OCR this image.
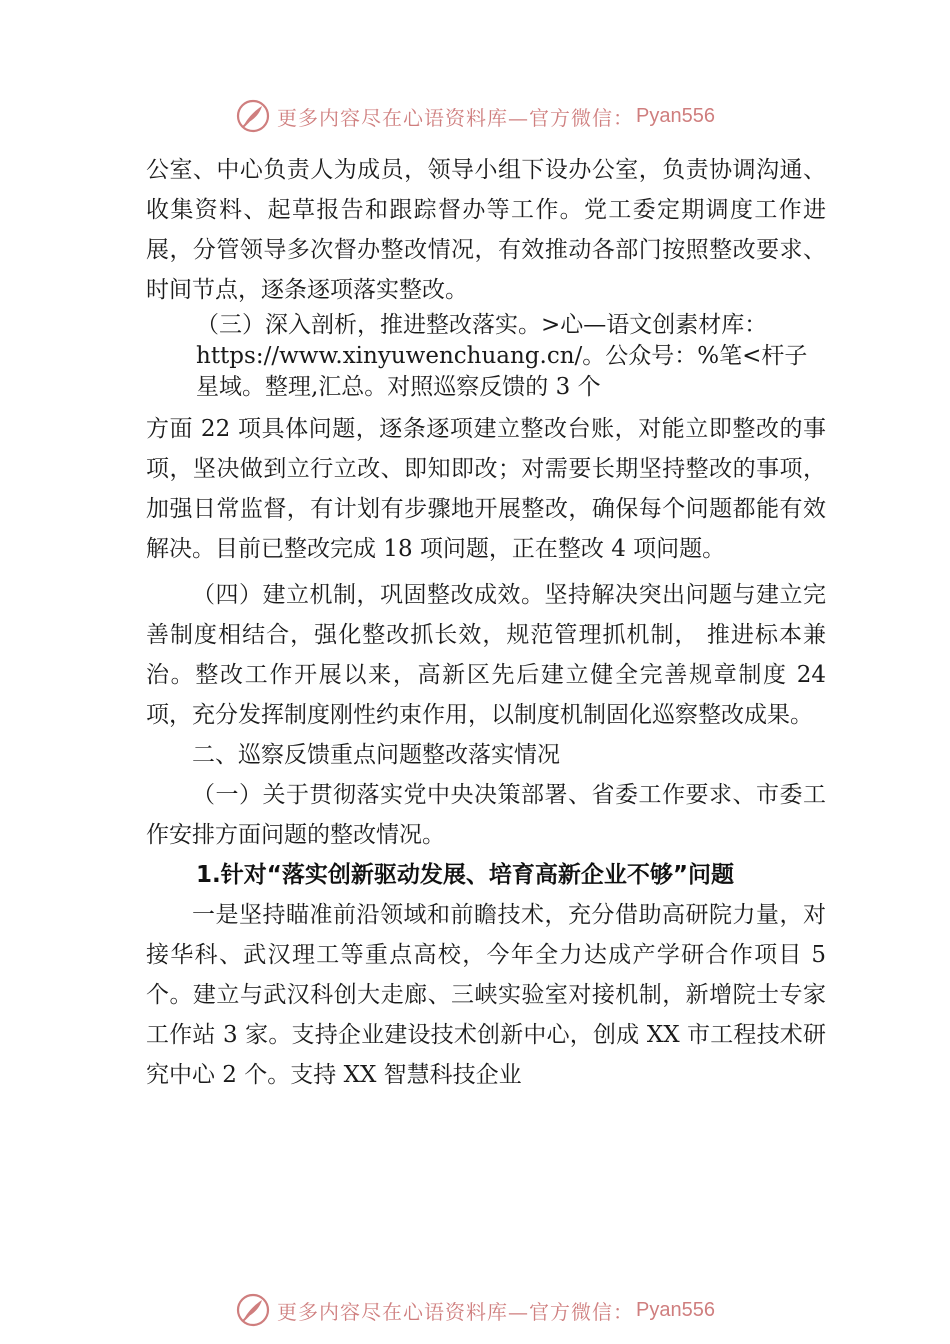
更多内容尽在心语资料库—官方微信： Pyan556

公室、中心负责人为成员，领导小组下设办公室，负责协调沟通、收集资料、起草报告和跟踪督办等工作。党工委定期调度工作进展，分管领导多次督办整改情况，有效推动各部门按照整改要求、时间节点，逐条逐项落实整改。

（三）深入剖析，推进整改落实。>心—语文创素材库：https://www.xinyuwenchuang.cn/。公众号：%笔<杆子星域。整理,汇总。对照巡察反馈的 3 个

方面 22 项具体问题，逐条逐项建立整改台账，对能立即整改的事项，坚决做到立行立改、即知即改；对需要长期坚持整改的事项，加强日常监督，有计划有步骤地开展整改，确保每个问题都能有效解决。目前已整改完成 18 项问题，正在整改 4 项问题。

（四）建立机制，巩固整改成效。坚持解决突出问题与建立完善制度相结合，强化整改抓长效，规范管理抓机制， 推进标本兼治。整改工作开展以来，高新区先后建立健全完善规章制度 24 项，充分发挥制度刚性约束作用，以制度机制固化巡察整改成果。

二、巡察反馈重点问题整改落实情况

（一）关于贯彻落实党中央决策部署、省委工作要求、市委工作安排方面问题的整改情况。

1.针对“落实创新驱动发展、培育高新企业不够”问题

一是坚持瞄准前沿领域和前瞻技术，充分借助高研院力量，对接华科、武汉理工等重点高校，今年全力达成产学研合作项目 5 个。建立与武汉科创大走廊、三峡实验室对接机制，新增院士专家工作站 3 家。支持企业建设技术创新中心，创成 XX 市工程技术研究中心 2 个。支持 XX 智慧科技企业

更多内容尽在心语资料库—官方微信： Pyan556
